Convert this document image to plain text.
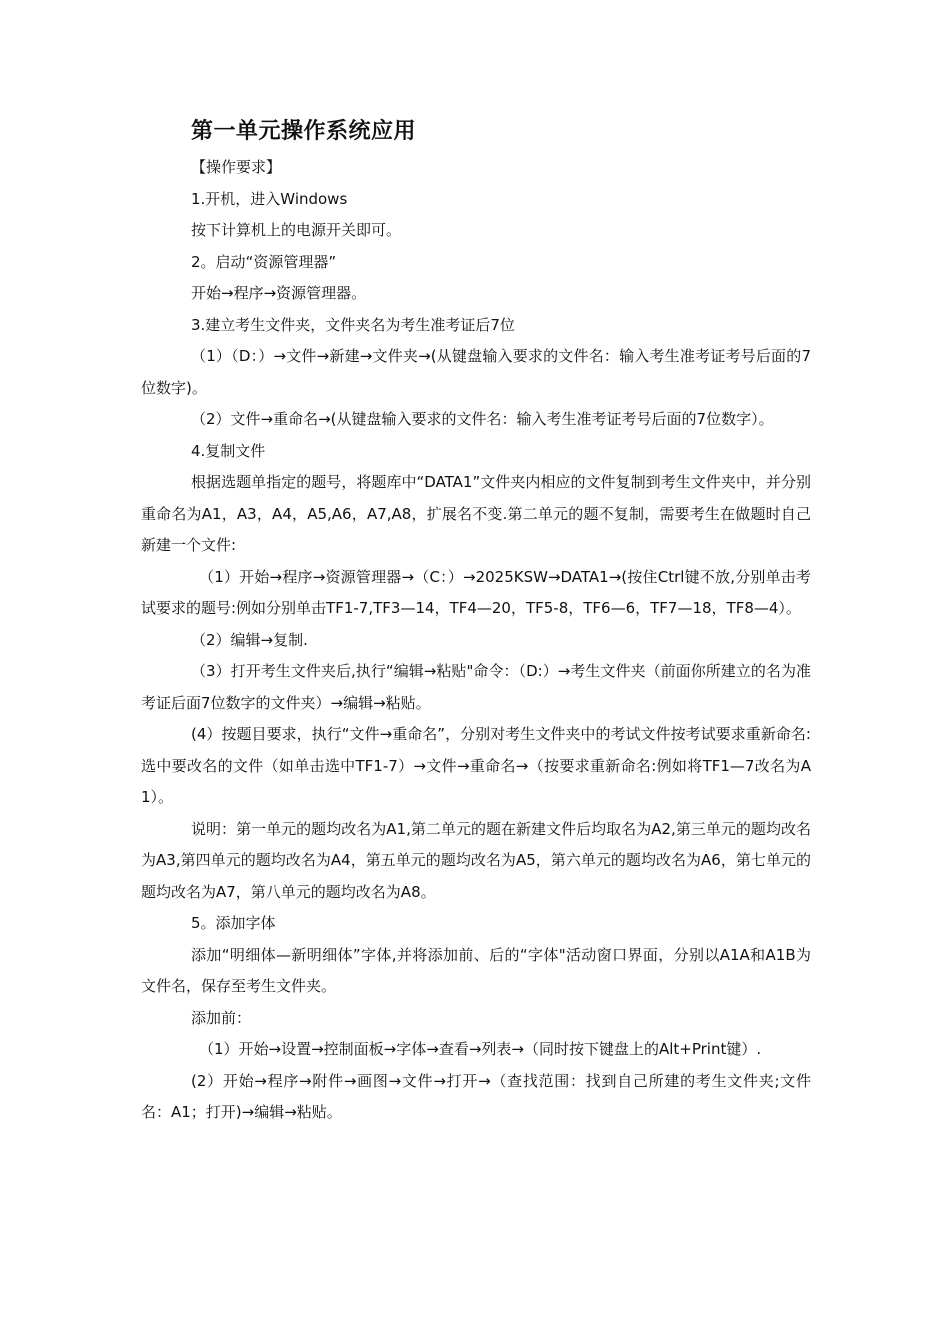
第一单元操作系统应用

【操作要求】

1.开机，进入Windows

按下计算机上的电源开关即可。

2。启动“资源管理器”

开始→程序→资源管理器。

3.建立考生文件夹，文件夹名为考生准考证后7位

（1）（D：）→文件→新建→文件夹→(从键盘输入要求的文件名：输入考生准考证考号后面的7位数字)。

（2）文件→重命名→(从键盘输入要求的文件名：输入考生准考证考号后面的7位数字）。

4.复制文件

根据选题单指定的题号，将题库中“DATA1”文件夹内相应的文件复制到考生文件夹中，并分别重命名为A1，A3，A4，A5,A6，A7,A8，扩展名不变.第二单元的题不复制，需要考生在做题时自己新建一个文件:

（1）开始→程序→资源管理器→（C：）→2025KSW→DATA1→(按住Ctrl键不放,分别单击考试要求的题号:例如分别单击TF1-7,TF3—14，TF4—20，TF5-8，TF6—6，TF7—18，TF8—4）。

（2）编辑→复制.

（3）打开考生文件夹后,执行“编辑→粘贴"命令：（D:）→考生文件夹（前面你所建立的名为准考证后面7位数字的文件夹）→编辑→粘贴。

(4）按题目要求，执行“文件→重命名”，分别对考生文件夹中的考试文件按考试要求重新命名:选中要改名的文件（如单击选中TF1-7）→文件→重命名→（按要求重新命名:例如将TF1—7改名为A1）。

说明：第一单元的题均改名为A1,第二单元的题在新建文件后均取名为A2,第三单元的题均改名为A3,第四单元的题均改名为A4，第五单元的题均改名为A5，第六单元的题均改名为A6，第七单元的题均改名为A7，第八单元的题均改名为A8。

5。添加字体

添加“明细体—新明细体”字体,并将添加前、后的“字体"活动窗口界面，分别以A1A和A1B为文件名，保存至考生文件夹。

添加前：

（1）开始→设置→控制面板→字体→查看→列表→（同时按下键盘上的Alt+Print键）.

(2）开始→程序→附件→画图→文件→打开→（查找范围：找到自己所建的考生文件夹;文件名：A1；打开)→编辑→粘贴。
